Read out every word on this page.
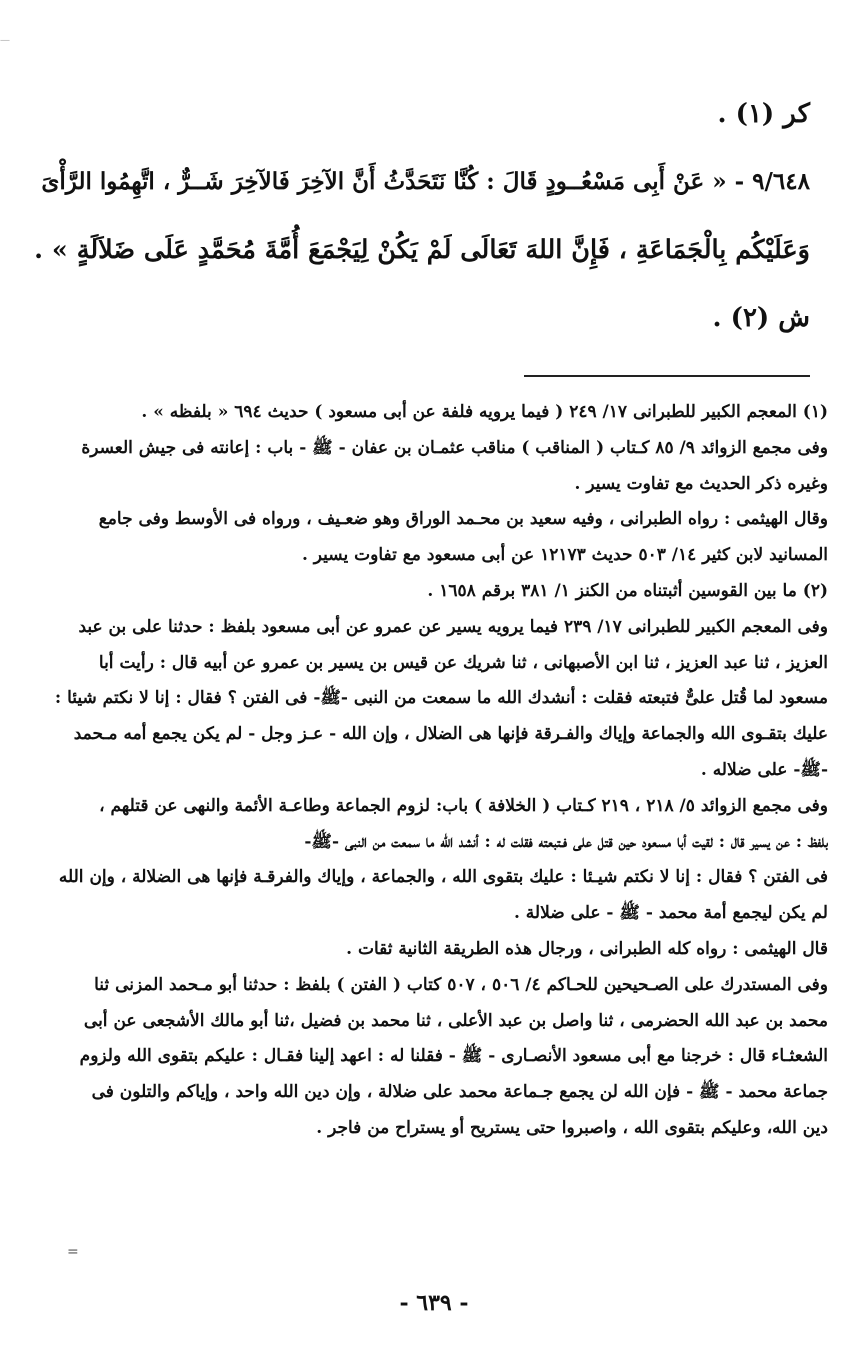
—
كر (١) .
٩/٦٤٨ - « عَنْ أَبِى مَسْعُــودٍ قَالَ : كُنَّا نَتَحَدَّثُ أَنَّ الآخِرَ فَالآخِرَ شَــرٌّ ، اتَّهِمُوا الرَّأْىَ
وَعَلَيْكُم بِالْجَمَاعَةِ ، فَإِنَّ اللهَ تَعَالَى لَمْ يَكُنْ لِيَجْمَعَ أُمَّةَ مُحَمَّدٍ عَلَى ضَلاَلَةٍ » .
ش (٢) .
(١) المعجم الكبير للطبرانى ١٧/ ٢٤٩ ( فيما يرويه فلفة عن أبى مسعود ) حديث ٦٩٤ « بلفظه » .
وفى مجمع الزوائد ٩/ ٨٥ كـتاب ( المناقب ) مناقب عثمـان بن عفان - ﷺ - باب : إعانته فى جيش العسرة
وغيره ذكر الحديث مع تفاوت يسير .
وقال الهيثمى : رواه الطبرانى ، وفيه سعيد بن محـمد الوراق وهو ضعـيف ، ورواه فى الأوسط وفى جامع
المسانيد لابن كثير ١٤/ ٥٠٣ حديث ١٢١٧٣ عن أبى مسعود مع تفاوت يسير .
(٢) ما بين القوسين أثبتناه من الكنز ١/ ٣٨١ برقم ١٦٥٨ .
وفى المعجم الكبير للطبرانى ١٧/ ٢٣٩ فيما يرويه يسير عن عمرو عن أبى مسعود بلفظ : حدثنا على بن عبد
العزيز ، ثنا عبد العزيز ، ثنا ابن الأصبهانى ، ثنا شريك عن قيس بن يسير بن عمرو عن أبيه قال : رأيت أبا
مسعود لما قُتل علىٌّ فتبعته فقلت : أنشدك الله ما سمعت من النبى -ﷺ- فى الفتن ؟ فقال : إنا لا نكتم شيئا :
عليك بتقـوى الله والجماعة وإياك والفـرقة فإنها هى الضلال ، وإن الله - عـز وجل - لم يكن يجمع أمه مـحمد
-ﷺ- على ضلاله .
وفى مجمع الزوائد ٥/ ٢١٨ ، ٢١٩ كـتاب ( الخلافة ) باب: لزوم الجماعة وطاعـة الأئمة والنهى عن قتلهم ،
بلفظ : عن يسير قال : لقيت أبا مسعود حين قتل على فـتبعته فقلت له : أنشد الله ما سمعت من النبى -ﷺ-
فى الفتن ؟ فقال : إنا لا نكتم شيـئا : عليك بتقوى الله ، والجماعة ، وإياك والفرقـة فإنها هى الضلالة ، وإن الله
لم يكن ليجمع أمة محمد - ﷺ - على ضلالة .
قال الهيثمى : رواه كله الطبرانى ، ورجال هذه الطريقة الثانية ثقات .
وفى المستدرك على الصـحيحين للحـاكم ٤/ ٥٠٦ ، ٥٠٧ كتاب ( الفتن ) بلفظ : حدثنا أبو مـحمد المزنى ثنا
محمد بن عبد الله الحضرمى ، ثنا واصل بن عبد الأعلى ، ثنا محمد بن فضيل ،ثنا أبو مالك الأشجعى عن أبى
الشعثـاء قال : خرجنا مع أبى مسعود الأنصـارى - ﷺ - فقلنا له : اعهد إلينا فقـال : عليكم بتقوى الله ولزوم
جماعة محمد - ﷺ - فإن الله لن يجمع جـماعة محمد على ضلالة ، وإن دين الله واحد ، وإياكم والتلون فى
دين الله، وعليكم بتقوى الله ، واصبروا حتى يستريح أو يستراح من فاجر .
=
- ٦٣٩ -
